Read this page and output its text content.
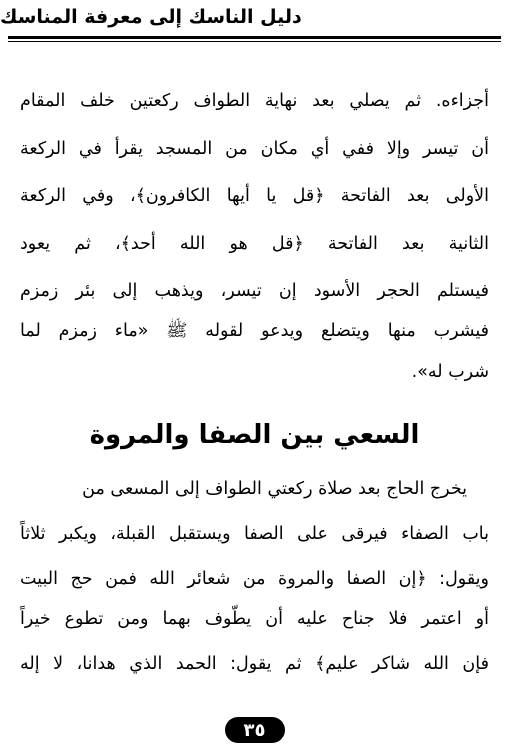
دليل الناسك إلى معرفة المناسك
أجزاءه. ثم يصلي بعد نهاية الطواف ركعتين خلف المقام
أن تيسر وإلا ففي أي مكان من المسجد يقرأ في الركعة
الأولى بعد الفاتحة ﴿قل يا أيها الكافرون﴾، وفي الركعة
الثانية بعد الفاتحة ﴿قل هو الله أحد﴾، ثم يعود
فيستلم الحجر الأسود إن تيسر، ويذهب إلى بئر زمزم
فيشرب منها ويتضلع ويدعو لقوله ﷺ «ماء زمزم لما
شرب له».
السعي بين الصفا والمروة
يخرج الحاج بعد صلاة ركعتي الطواف إلى المسعى من
باب الصفاء فيرقى على الصفا ويستقبل القبلة، ويكبر ثلاثاً
ويقول: ﴿إن الصفا والمروة من شعائر الله فمن حج البيت
أو اعتمر فلا جناح عليه أن يطّوف بهما ومن تطوع خيراً
فإن الله شاكر عليم﴾ ثم يقول: الحمد الذي هدانا، لا إله
٣٥
